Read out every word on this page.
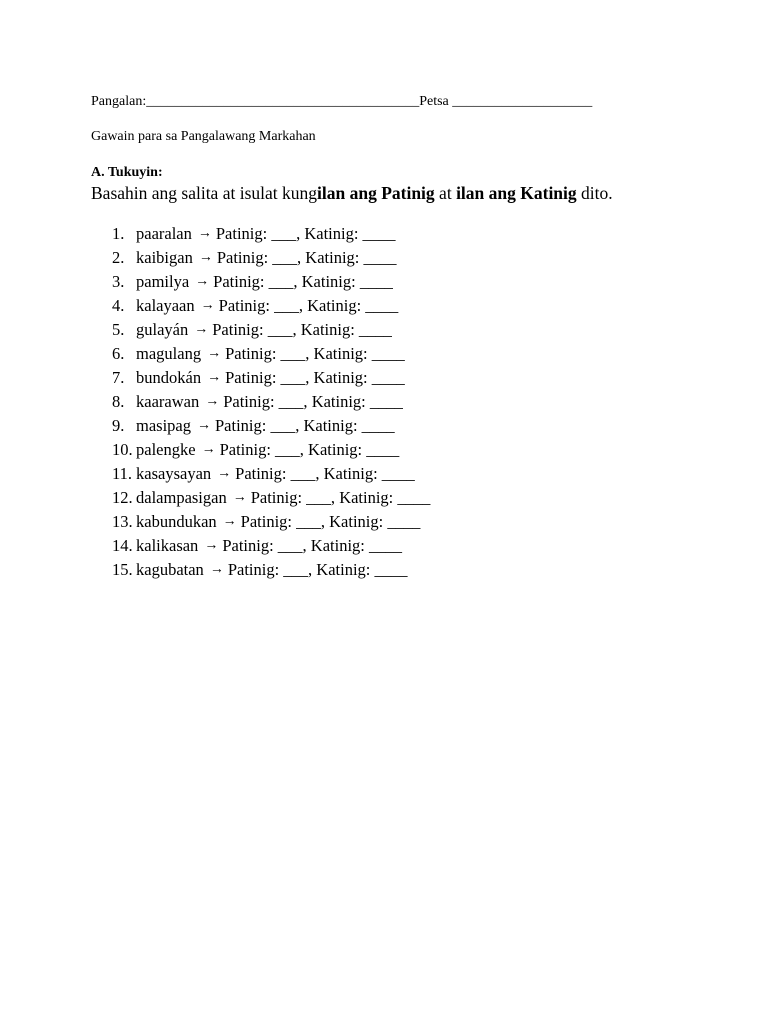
Pangalan:_______________________________________Petsa ____________________
Gawain para sa Pangalawang Markahan
A. Tukuyin:
Basahin ang salita at isulat kungilan ang Patinig at ilan ang Katinig dito.
1. paaralan → Patinig: ___,
Katinig: ____
2. kaibigan → Patinig: ___,
Katinig: ____
3. pamilya → Patinig: ___,
Katinig: ____
4. kalayaan → Patinig: ___,
Katinig: ____
5. gulayán → Patinig: ___,
Katinig: ____
6. magulang → Patinig: ___,
Katinig: ____
7. bundokán → Patinig: ___,
Katinig: ____
8. kaarawan → Patinig: ___,
Katinig: ____
9. masipag → Patinig: ___,
Katinig: ____
10. palengke → Patinig: ___,
Katinig: ____
11. kasaysayan → Patinig: ___,
Katinig: ____
12. dalampasigan → Patinig: ___,
Katinig: ____
13. kabundukan → Patinig: ___,
Katinig: ____
14. kalikasan → Patinig: ___,
Katinig: ____
15. kagubatan → Patinig: ___,
Katinig: ____
